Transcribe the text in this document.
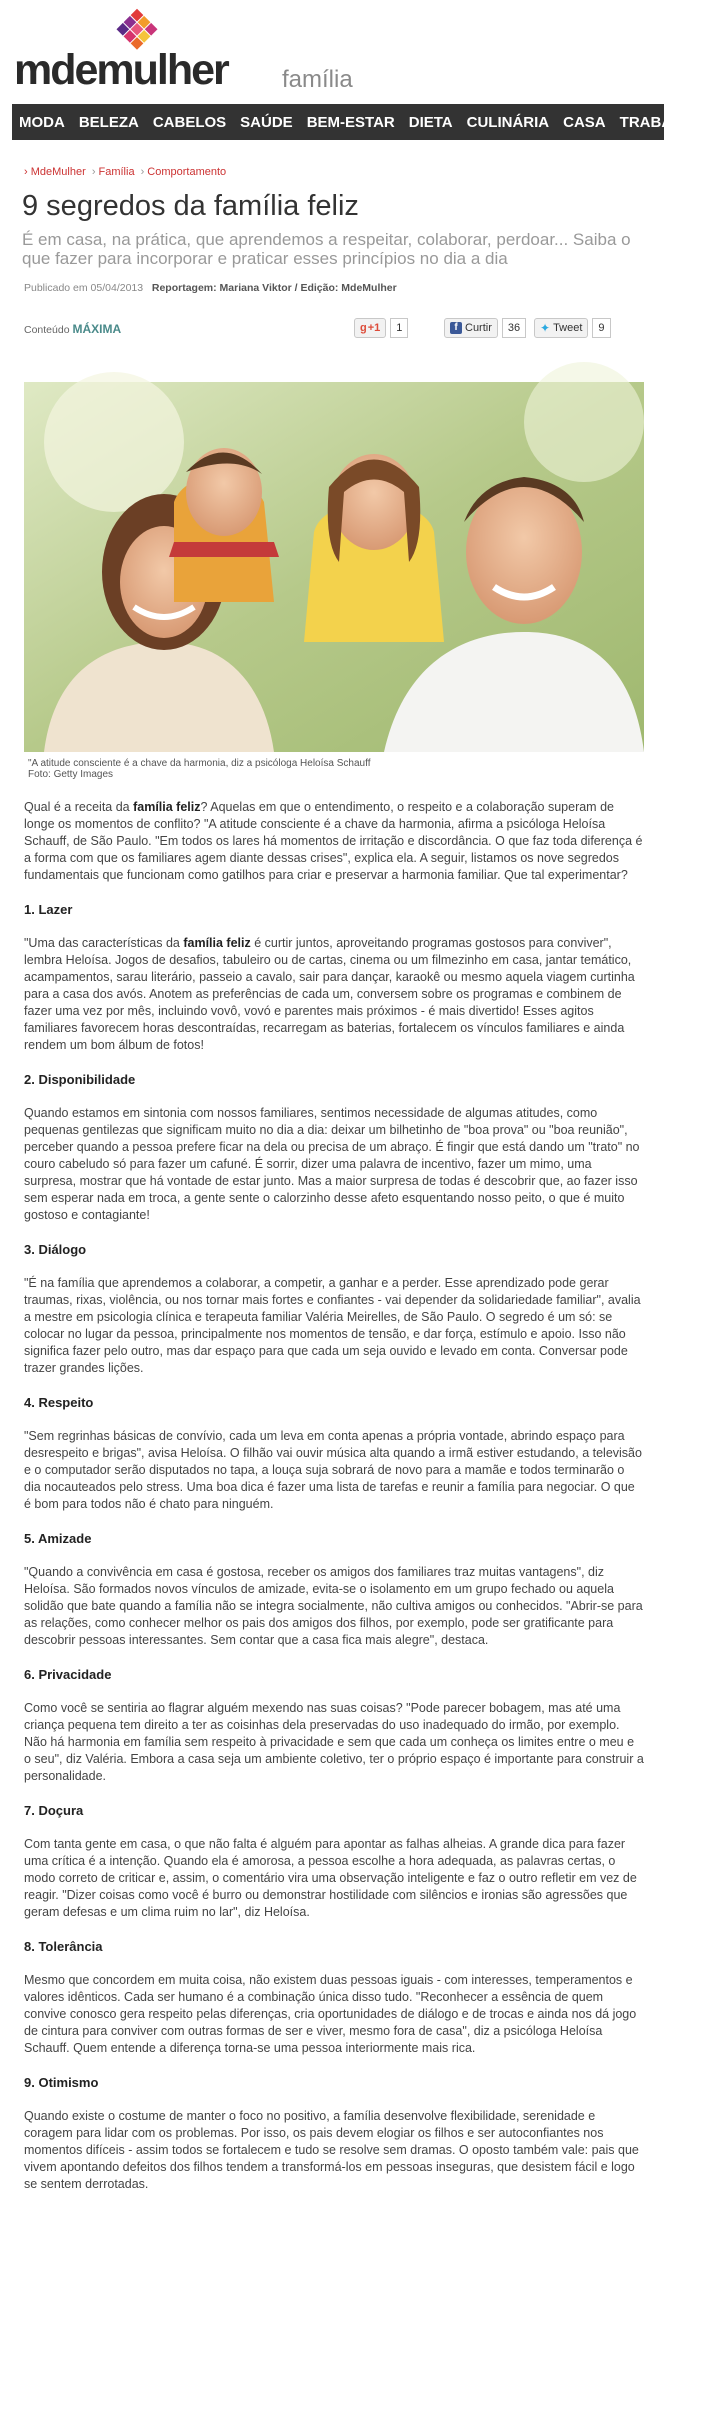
mdemulher família
MODA BELEZA CABELOS SAÚDE BEM-ESTAR DIETA CULINÁRIA CASA TRABALHO
› MdeMulher › Família › Comportamento
9 segredos da família feliz
É em casa, na prática, que aprendemos a respeitar, colaborar, perdoar... Saiba o que fazer para incorporar e praticar esses princípios no dia a dia
Publicado em 05/04/2013 Reportagem: Mariana Viktor / Edição: MdeMulher
Conteúdo MÁXIMA	g +1	1	f Curtir	36	✦ Tweet	9
"A atitude consciente é a chave da harmonia, diz a psicóloga Heloísa Schauff
Foto: Getty Images

Qual é a receita da família feliz? Aquelas em que o entendimento, o respeito e a colaboração superam de longe os momentos de conflito? "A atitude consciente é a chave da harmonia, afirma a psicóloga Heloísa Schauff, de São Paulo. "Em todos os lares há momentos de irritação e discordância. O que faz toda diferença é a forma com que os familiares agem diante dessas crises", explica ela. A seguir, listamos os nove segredos fundamentais que funcionam como gatilhos para criar e preservar a harmonia familiar. Que tal experimentar?

1. Lazer

"Uma das características da família feliz é curtir juntos, aproveitando programas gostosos para conviver", lembra Heloísa. Jogos de desafios, tabuleiro ou de cartas, cinema ou um filmezinho em casa, jantar temático, acampamentos, sarau literário, passeio a cavalo, sair para dançar, karaokê ou mesmo aquela viagem curtinha para a casa dos avós. Anotem as preferências de cada um, conversem sobre os programas e combinem de fazer uma vez por mês, incluindo vovô, vovó e parentes mais próximos - é mais divertido! Esses agitos familiares favorecem horas descontraídas, recarregam as baterias, fortalecem os vínculos familiares e ainda rendem um bom álbum de fotos!

2. Disponibilidade

Quando estamos em sintonia com nossos familiares, sentimos necessidade de algumas atitudes, como pequenas gentilezas que significam muito no dia a dia: deixar um bilhetinho de "boa prova" ou "boa reunião", perceber quando a pessoa prefere ficar na dela ou precisa de um abraço. É fingir que está dando um "trato" no couro cabeludo só para fazer um cafuné. É sorrir, dizer uma palavra de incentivo, fazer um mimo, uma surpresa, mostrar que há vontade de estar junto. Mas a maior surpresa de todas é descobrir que, ao fazer isso sem esperar nada em troca, a gente sente o calorzinho desse afeto esquentando nosso peito, o que é muito gostoso e contagiante!

3. Diálogo

"É na família que aprendemos a colaborar, a competir, a ganhar e a perder. Esse aprendizado pode gerar traumas, rixas, violência, ou nos tornar mais fortes e confiantes - vai depender da solidariedade familiar", avalia a mestre em psicologia clínica e terapeuta familiar Valéria Meirelles, de São Paulo. O segredo é um só: se colocar no lugar da pessoa, principalmente nos momentos de tensão, e dar força, estímulo e apoio. Isso não significa fazer pelo outro, mas dar espaço para que cada um seja ouvido e levado em conta. Conversar pode trazer grandes lições.

4. Respeito

"Sem regrinhas básicas de convívio, cada um leva em conta apenas a própria vontade, abrindo espaço para desrespeito e brigas", avisa Heloísa. O filhão vai ouvir música alta quando a irmã estiver estudando, a televisão e o computador serão disputados no tapa, a louça suja sobrará de novo para a mamãe e todos terminarão o dia nocauteados pelo stress. Uma boa dica é fazer uma lista de tarefas e reunir a família para negociar. O que é bom para todos não é chato para ninguém.

5. Amizade

"Quando a convivência em casa é gostosa, receber os amigos dos familiares traz muitas vantagens", diz Heloísa. São formados novos vínculos de amizade, evita-se o isolamento em um grupo fechado ou aquela solidão que bate quando a família não se integra socialmente, não cultiva amigos ou conhecidos. "Abrir-se para as relações, como conhecer melhor os pais dos amigos dos filhos, por exemplo, pode ser gratificante para descobrir pessoas interessantes. Sem contar que a casa fica mais alegre", destaca.

6. Privacidade

Como você se sentiria ao flagrar alguém mexendo nas suas coisas? "Pode parecer bobagem, mas até uma criança pequena tem direito a ter as coisinhas dela preservadas do uso inadequado do irmão, por exemplo. Não há harmonia em família sem respeito à privacidade e sem que cada um conheça os limites entre o meu e o seu", diz Valéria. Embora a casa seja um ambiente coletivo, ter o próprio espaço é importante para construir a personalidade.

7. Doçura

Com tanta gente em casa, o que não falta é alguém para apontar as falhas alheias. A grande dica para fazer uma crítica é a intenção. Quando ela é amorosa, a pessoa escolhe a hora adequada, as palavras certas, o modo correto de criticar e, assim, o comentário vira uma observação inteligente e faz o outro refletir em vez de reagir. "Dizer coisas como você é burro ou demonstrar hostilidade com silêncios e ironias são agressões que geram defesas e um clima ruim no lar", diz Heloísa.

8. Tolerância

Mesmo que concordem em muita coisa, não existem duas pessoas iguais - com interesses, temperamentos e valores idênticos. Cada ser humano é a combinação única disso tudo. "Reconhecer a essência de quem convive conosco gera respeito pelas diferenças, cria oportunidades de diálogo e de trocas e ainda nos dá jogo de cintura para conviver com outras formas de ser e viver, mesmo fora de casa", diz a psicóloga Heloísa Schauff. Quem entende a diferença torna-se uma pessoa interiormente mais rica.

9. Otimismo

Quando existe o costume de manter o foco no positivo, a família desenvolve flexibilidade, serenidade e coragem para lidar com os problemas. Por isso, os pais devem elogiar os filhos e ser autoconfiantes nos momentos difíceis - assim todos se fortalecem e tudo se resolve sem dramas. O oposto também vale: pais que vivem apontando defeitos dos filhos tendem a transformá-los em pessoas inseguras, que desistem fácil e logo se sentem derrotadas.
